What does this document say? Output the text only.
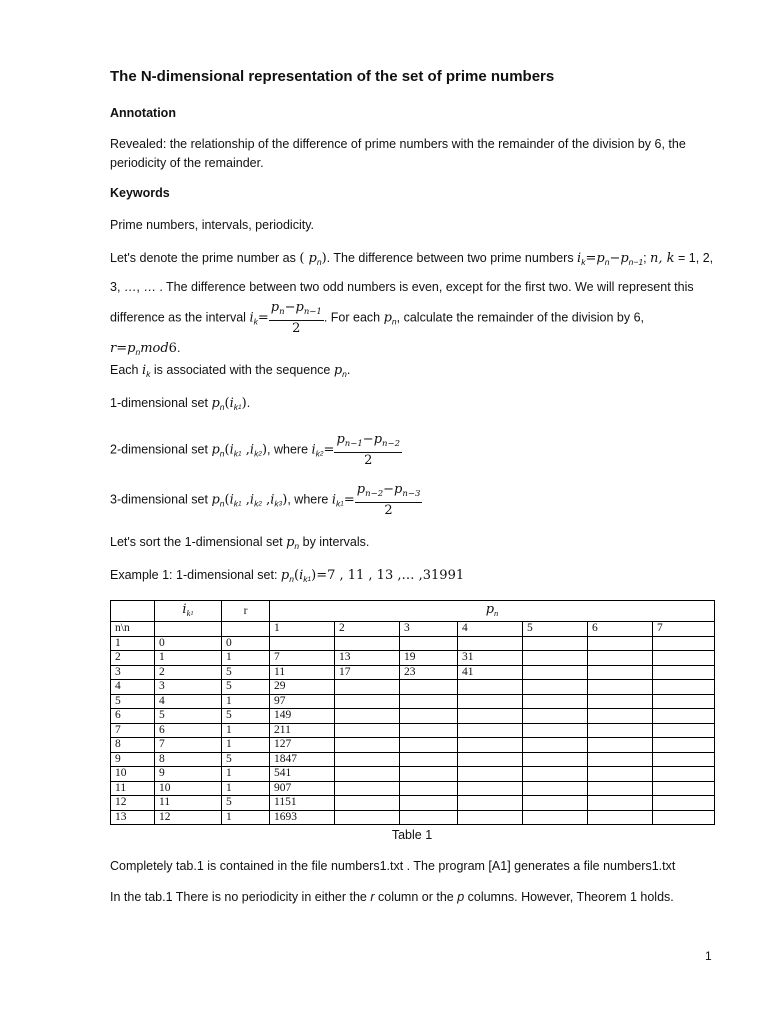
The N-dimensional representation of the set of prime numbers
Annotation
Revealed: the relationship of the difference of prime numbers with the remainder of the division by 6, the periodicity of the remainder.
Keywords
Prime numbers, intervals, periodicity.
Let's denote the prime number as ( $p_n$). The difference between two prime numbers $i_k=p_n-p_{n-1}$; n, k = 1, 2, 3, …, … . The difference between two odd numbers is even, except for the first two. We will represent this difference as the interval $i_k= \frac{p_n-p_{n-1}}{2}$ . For each $p_n$, calculate the remainder of the division by 6, $r=p_nmod6$.
Each $i_k$ is associated with the sequence $p_n$.
1-dimensional set $p_n(i_k1)$.
2-dimensional set $p_n(i_k1$ $,i_k2$), where $i_k2= \frac{p_{n-1}-p_{n-2}}{2}$
3-dimensional set $p_n(i_k1$ $,i_k2$ $,i_k3$), where $i_k1= \frac{p_{n-2}-p_{n-3}}{2}$
Let's sort the 1-dimensional set $p_n$ by intervals.
Example 1: 1-dimensional set: $p_n(i_k1)=7$ , 11 , 13 ,… ,31991
	$i_k1$	r	$p_n$
n\n			1	2	3	4	5	6	7
1	0	0							
2	1	1	7	13	19	31			
3	2	5	11	17	23	41			
4	3	5	29						
5	4	1	97						
6	5	5	149						
7	6	1	211						
8	7	1	127						
9	8	5	1847						
10	9	1	541						
11	10	1	907						
12	11	5	1151						
13	12	1	1693						
Table 1
Completely tab.1 is contained in the file numbers1.txt . The program [A1] generates a file numbers1.txt
In the tab.1 There is no periodicity in either the r column or the p columns. However, Theorem 1 holds.
1
